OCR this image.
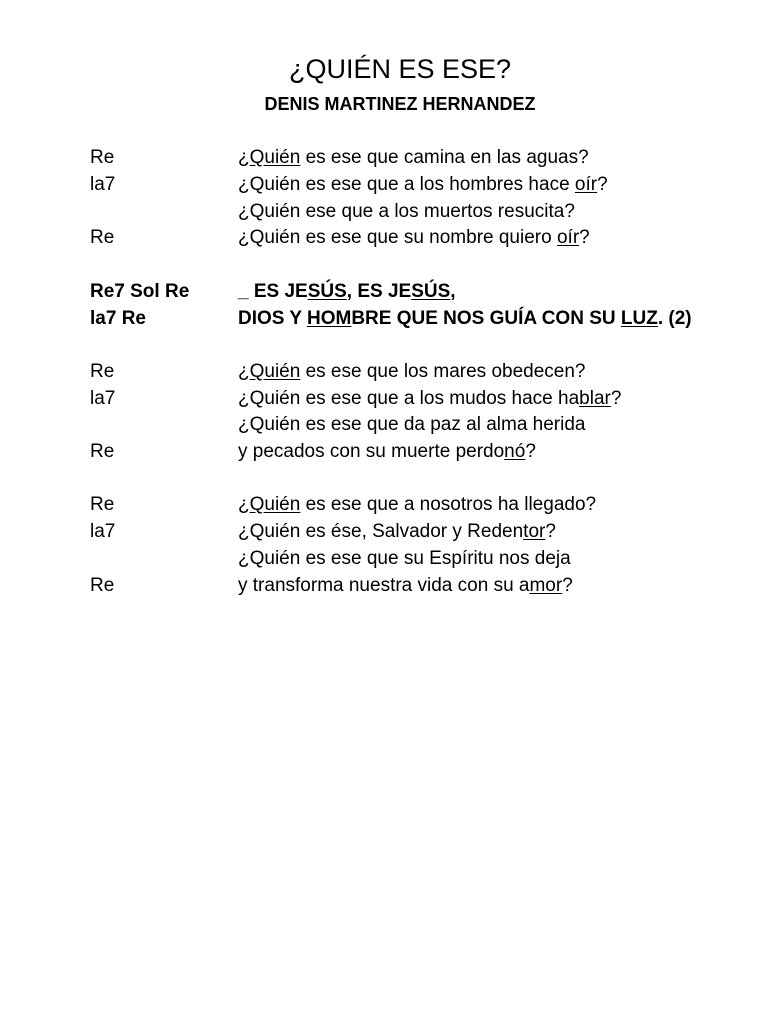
¿QUIÉN ES ESE?
DENIS MARTINEZ HERNANDEZ
Re	¿Quién es ese que camina en las aguas?
la7	¿Quién es ese que a los hombres hace oír?
¿Quién ese que a los muertos resucita?
Re	¿Quién es ese que su nombre quiero oír?
Re7 Sol Re	_ ES JESÚS, ES JESÚS,
la7 Re	DIOS Y HOMBRE QUE NOS GUÍA CON SU LUZ. (2)
Re	¿Quién es ese que los mares obedecen?
la7	¿Quién es ese que a los mudos hace hablar?
¿Quién es ese que da paz al alma herida
Re	y pecados con su muerte perdonó?
Re	¿Quién es ese que a nosotros ha llegado?
la7	¿Quién es ése, Salvador y Redentor?
¿Quién es ese que su Espíritu nos deja
Re	y transforma nuestra vida con su amor?
